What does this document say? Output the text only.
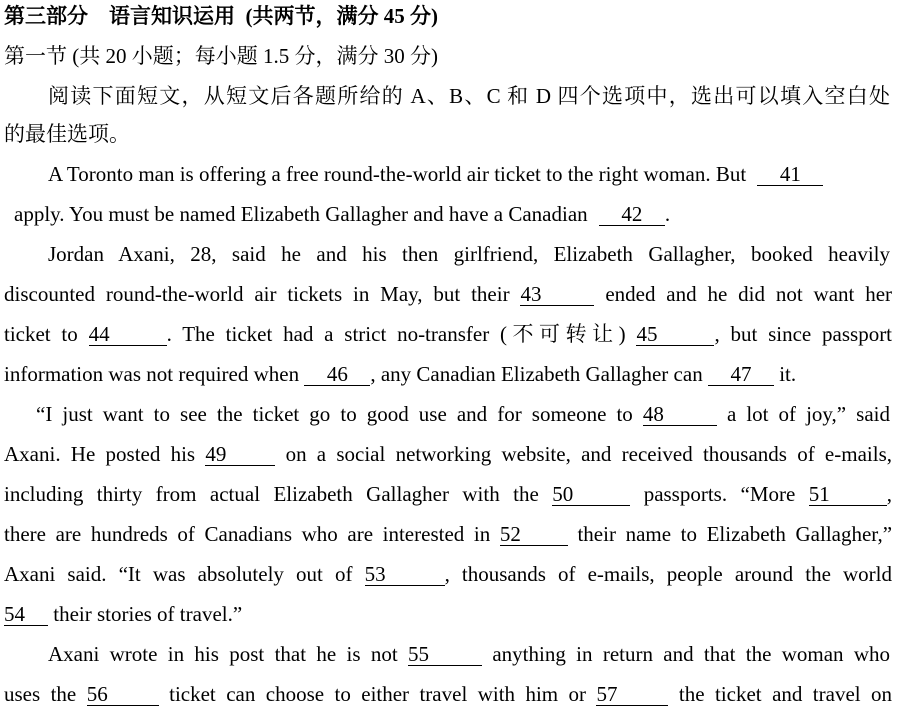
第三部分 语言知识运用 (共两节，满分 45 分)
第一节 (共 20 小题；每小题 1.5 分，满分 30 分)
阅读下面短文，从短文后各题所给的 A、B、C 和 D 四个选项中，选出可以填入空白处
的最佳选项。
A Toronto man is offering a free round-the-world air ticket to the right woman. But 41
apply. You must be named Elizabeth Gallagher and have a Canadian 42 .
Jordan Axani, 28, said he and his then girlfriend, Elizabeth Gallagher, booked heavily
discounted round-the-world air tickets in May, but their 43	ended and he did not want her
ticket to 44	. The ticket had a strict no-transfer (不可转让) 45	, but since passport
information was not required when 46 , any Canadian Elizabeth Gallagher can 47 it.
“I just want to see the ticket go to good use and for someone to 48	a lot of joy,” said
Axani. He posted his 49	on a social networking website, and received thousands of e-mails,
including thirty from actual Elizabeth Gallagher with the 50	passports. “More 51	,
there are hundreds of Canadians who are interested in 52	their name to Elizabeth Gallagher,”
Axani said. “It was absolutely out of 53	, thousands of e-mails, people around the world
54 their stories of travel.”
Axani wrote in his post that he is not 55	anything in return and that the woman who
uses the 56	ticket can choose to either travel with him or 57	the ticket and travel on
